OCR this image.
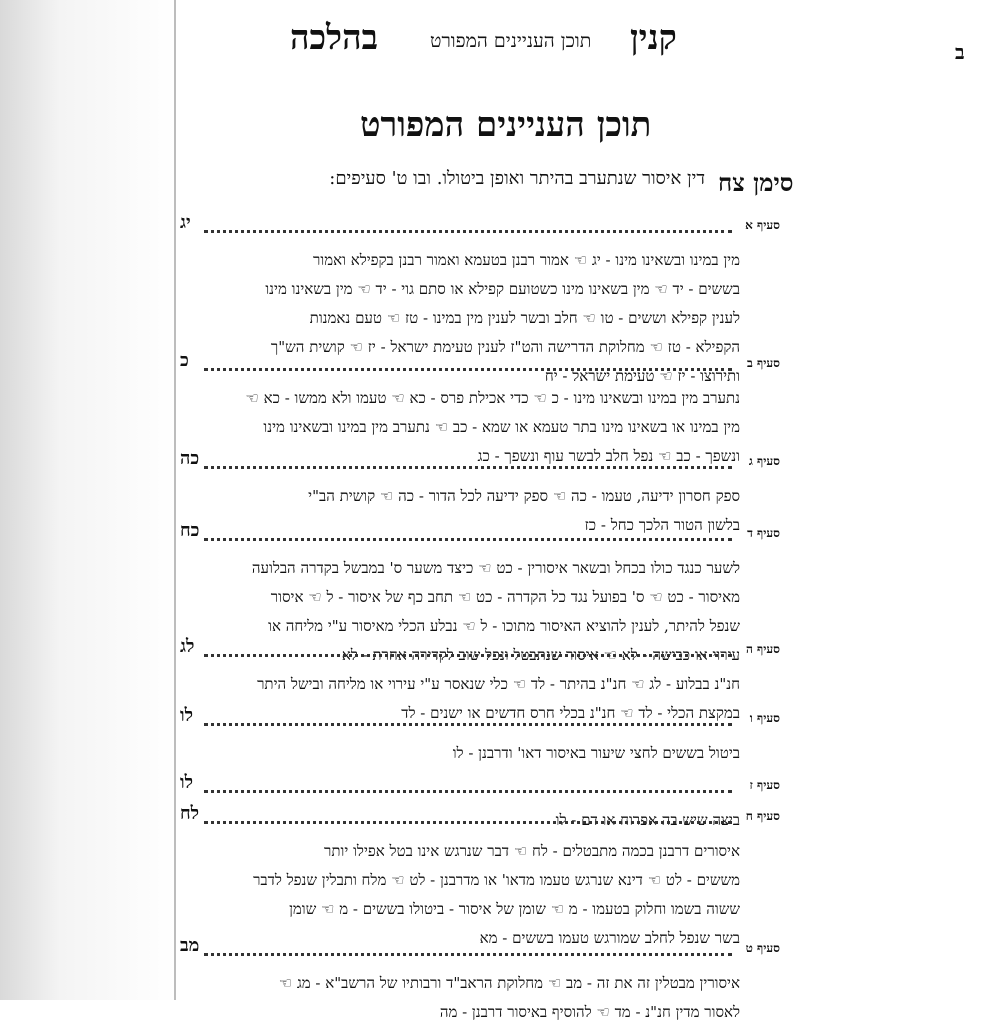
ב
קנין
תוכן העניינים המפורט
בהלכה
תוכן העניינים המפורט
סימן צח
דין איסור שנתערב בהיתר ואופן ביטולו. ובו ט' סעיפים:
סעיף א
יג
מין במינו ובשאינו מינו - יג ☜ אמור רבנן בטעמא ואמור רבנן בקפילא ואמור
בששים - יד ☜ מין בשאינו מינו כשטועם קפילא או סתם גוי - יד ☜ מין בשאינו מינו
לענין קפילא וששים - טו ☜ חלב ובשר לענין מין במינו - טז ☜ טעם נאמנות
הקפילא - טז ☜ מחלוקת הדרישה והט"ז לענין טעימת ישראל - יז ☜ קושית הש"ך
ותירוצו - יז ☜ טעימת ישראל - יח
סעיף ב
כ
נתערב מין במינו ובשאינו מינו - כ ☜ כדי אכילת פרס - כא ☜ טעמו ולא ממשו - כא ☜
מין במינו או בשאינו מינו בתר טעמא או שמא - כב ☜ נתערב מין במינו ובשאינו מינו
ונשפך - כב ☜ נפל חלב לבשר עוף ונשפך - כג סעיף ג
כה
ספק חסרון ידיעה, טעמו - כה ☜ ספק ידיעה לכל הדור - כה ☜ קושית הב"י
בלשון הטור הלכך כחל - כז סעיף ד
כח
לשער כנגד כולו בכחל ובשאר איסורין - כט ☜ כיצד משער ס' במבשל בקדרה הבלועה
מאיסור - כט ☜ ס' בפועל נגד כל הקדרה - כט ☜ תחב כף של איסור - ל ☜ איסור
שנפל להיתר, לענין להוציא האיסור מתוכו - ל ☜ נבלע הכלי מאיסור ע"י מליחה או
עירוי או כבישה - לא ☜ איסור שנתבטל ונפל שוב לקדירה אחרת - לא סעיף ה
לג
חנ"נ בבלוע - לג ☜ חנ"נ בהיתר - לד ☜ כלי שנאסר ע"י עירוי או מליחה ובישל היתר
במקצת הכלי - לד ☜ חנ"נ בכלי חרס חדשים או ישנים - לד סעיף ו
לו
ביטול בששים לחצי שיעור באיסור דאו' ודרבנן - לו
סעיף ז
לו
ביצה שיש בה אפרוח או דם - לו סעיף ח
לח
איסורים דרבנן בכמה מתבטלים - לח ☜ דבר שנרגש אינו בטל אפילו יותר
מששים - לט ☜ דינא שנרגש טעמו מדאו' או מדרבנן - לט ☜ מלח ותבלין שנפל לדבר
ששוה בשמו וחלוק בטעמו - מ ☜ שומן של איסור - ביטולו בששים - מ ☜ שומן
בשר שנפל לחלב שמורגש טעמו בששים - מא
סעיף ט
מב
איסורין מבטלין זה את זה - מב ☜ מחלוקת הראב"ד ורבותיו של הרשב"א - מג ☜
לאסור מדין חנ"נ - מד ☜ להוסיף באיסור דרבנן - מה
